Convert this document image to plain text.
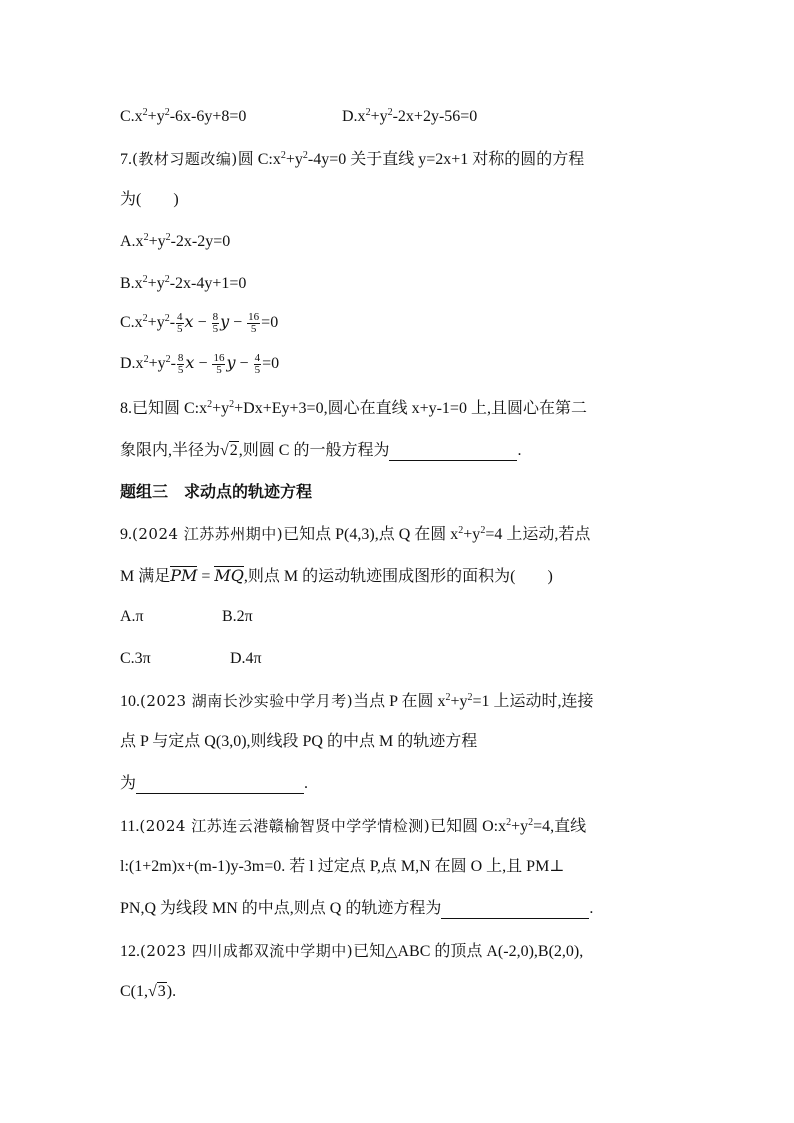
$C.x^2+y^2-6x-6y+8=0$	$D.x^2+y^2-2x+2y-56=0$
7.(教材习题改编)圆 $C:x^2+y^2-4y=0$ 关于直线 y=2x+1 对称的圆的方程
为(　　)
$A.x^2+y^2-2x-2y=0$
$B.x^2+y^2-2x-4y+1=0$
$C.x^2+y^2- \frac{4}{5}$ $x - \frac{8}{5}$ $y - \frac{16}{5} =0$
$D.x^2+y^2- \frac{8}{5}$ $x - \frac{16}{5}$ $y - \frac{4}{5} =0$
8.已知圆 $C:x^2+y^2+Dx+Ey+3=0$,圆心在直线 x+y-1=0 上,且圆心在第二
象限内,半径为√2,则圆 C 的一般方程为	.
题组三　求动点的轨迹方程
9.(2024 江苏苏州期中)已知点 P(4,3),点 Q 在圆 $x^2+y^2=4$ 上运动,若点
M 满足PM = MQ,则点 M 的运动轨迹围成图形的面积为(　　)
A.π	B.2π
C.3π	D.4π
10.(2023 湖南长沙实验中学月考)当点 P 在圆 $x^2+y^2=1$ 上运动时,连接
点 P 与定点 Q(3,0),则线段 PQ 的中点 M 的轨迹方程
为	.
11.(2024 江苏连云港赣榆智贤中学学情检测)已知圆 $O:x^2+y^2=4$,直线
l:(1+2m)x+(m-1)y-3m=0. 若 l 过定点 P,点 M,N 在圆 O 上,且 PM⊥
PN,Q 为线段 MN 的中点,则点 Q 的轨迹方程为	.
12.(2023 四川成都双流中学期中)已知△ABC 的顶点 A(-2,0),B(2,0),
C(1,√3).
